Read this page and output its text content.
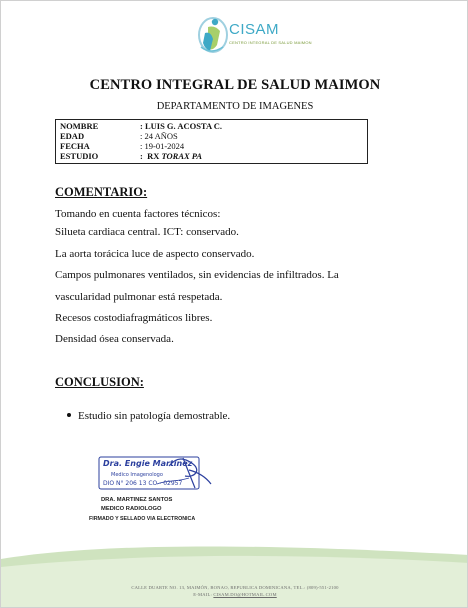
CISAM
CENTRO INTEGRAL DE SALUD MAIMON
CENTRO INTEGRAL DE SALUD MAIMON
DEPARTAMENTO DE IMAGENES
NOMBRE	: LUIS G. ACOSTA C.
EDAD	: 24 AÑOS
FECHA	: 19-01-2024
ESTUDIO	:  RX TORAX PA
COMENTARIO:
Tomando en cuenta factores técnicos:
Silueta cardiaca central. ICT: conservado.
La aorta torácica luce de aspecto conservado.
Campos pulmonares ventilados, sin evidencias de infiltrados. La
vascularidad pulmonar está respetada.
Recesos costodiafragmáticos libres.
Densidad ósea conservada.
CONCLUSION:
Estudio sin patología demostrable.
Dra. Engie Martinez
Medico Imagenologo
DIO N° 206 13 CO - 02957
DRA. MARTINEZ SANTOS
MEDICO RADIOLOGO
FIRMADO Y SELLADO VIA ELECTRONICA
CALLE DUARTE NO. 13, MAIMÓN, BONAO, REPUBLICA DOMINICANA, TEL.: (809)-551-2100
E-MAIL: CISAM.DO@HOTMAIL.COM
